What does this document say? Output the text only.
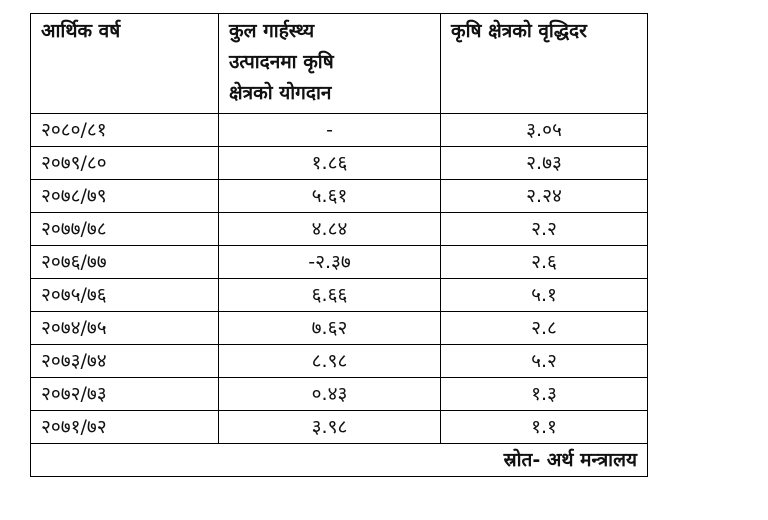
आर्थिक वर्ष	कुल गार्हस्थ्य
उत्पादनमा कृषि
क्षेत्रको योगदान	कृषि क्षेत्रको वृद्धिदर
२०८०/८१	-	३.०५
२०७९/८०	१.८६	२.७३
२०७८/७९	५.६१	२.२४
२०७७/७८	४.८४	२.२
२०७६/७७	-२.३७	२.६
२०७५/७६	६.६६	५.१
२०७४/७५	७.६२	२.८
२०७३/७४	८.९८	५.२
२०७२/७३	०.४३	१.३
२०७१/७२	३.९८	१.१
स्रोत- अर्थ मन्त्रालय		
